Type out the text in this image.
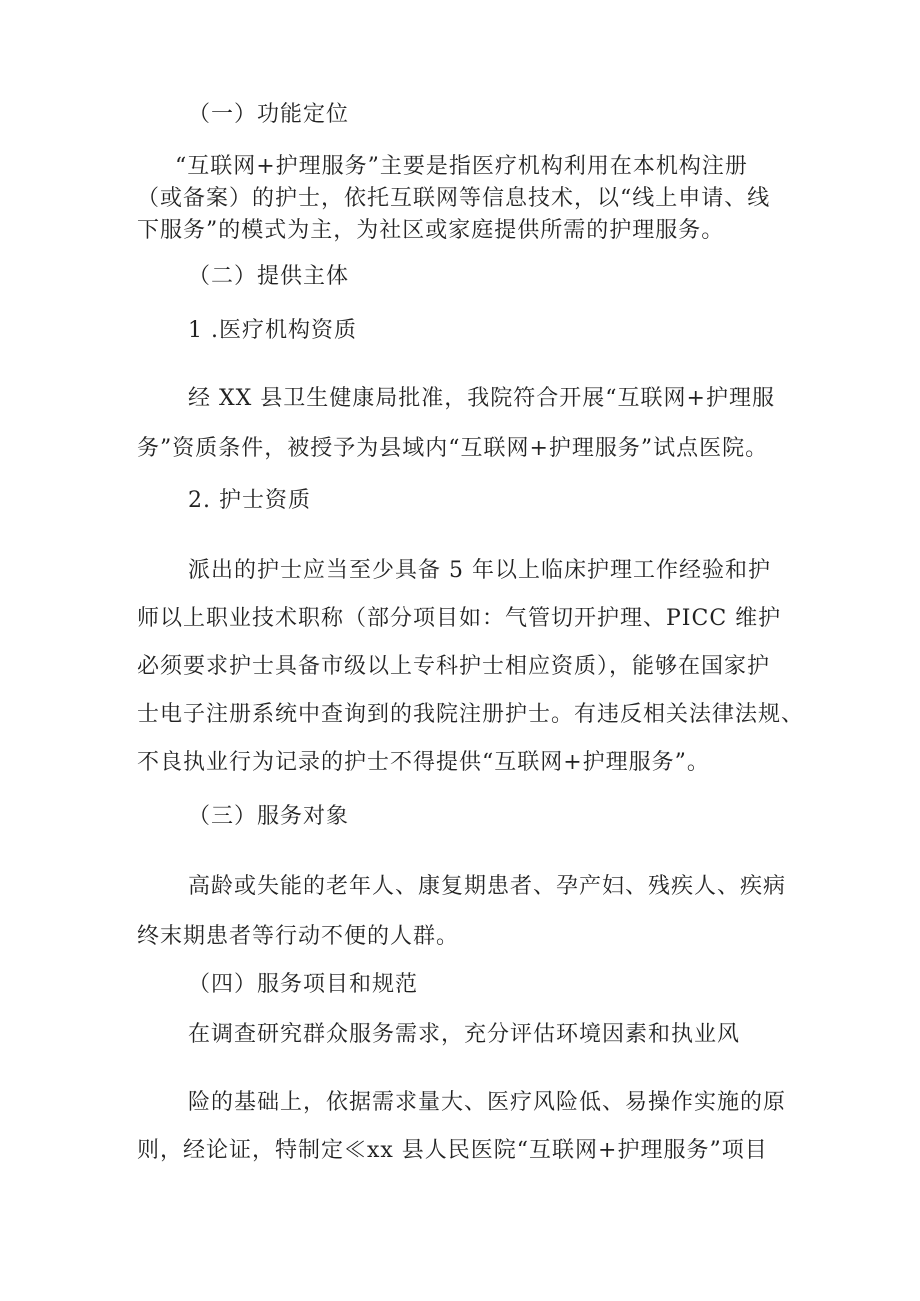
（一）功能定位

“互联网+护理服务”主要是指医疗机构利用在本机构注册

（或备案）的护士，依托互联网等信息技术，以“线上申请、线

下服务”的模式为主，为社区或家庭提供所需的护理服务。

（二）提供主体

1 .医疗机构资质

经 XX 县卫生健康局批准，我院符合开展“互联网+护理服

务”资质条件，被授予为县域内“互联网+护理服务”试点医院。

2. 护士资质

派出的护士应当至少具备 5 年以上临床护理工作经验和护

师以上职业技术职称（部分项目如：气管切开护理、PICC 维护

必须要求护士具备市级以上专科护士相应资质），能够在国家护

士电子注册系统中查询到的我院注册护士。有违反相关法律法规、

不良执业行为记录的护士不得提供“互联网+护理服务”。

（三）服务对象

高龄或失能的老年人、康复期患者、孕产妇、残疾人、疾病

终末期患者等行动不便的人群。

（四）服务项目和规范

在调查研究群众服务需求，充分评估环境因素和执业风

险的基础上，依据需求量大、医疗风险低、易操作实施的原

则，经论证，特制定≪xx 县人民医院“互联网+护理服务”项目
